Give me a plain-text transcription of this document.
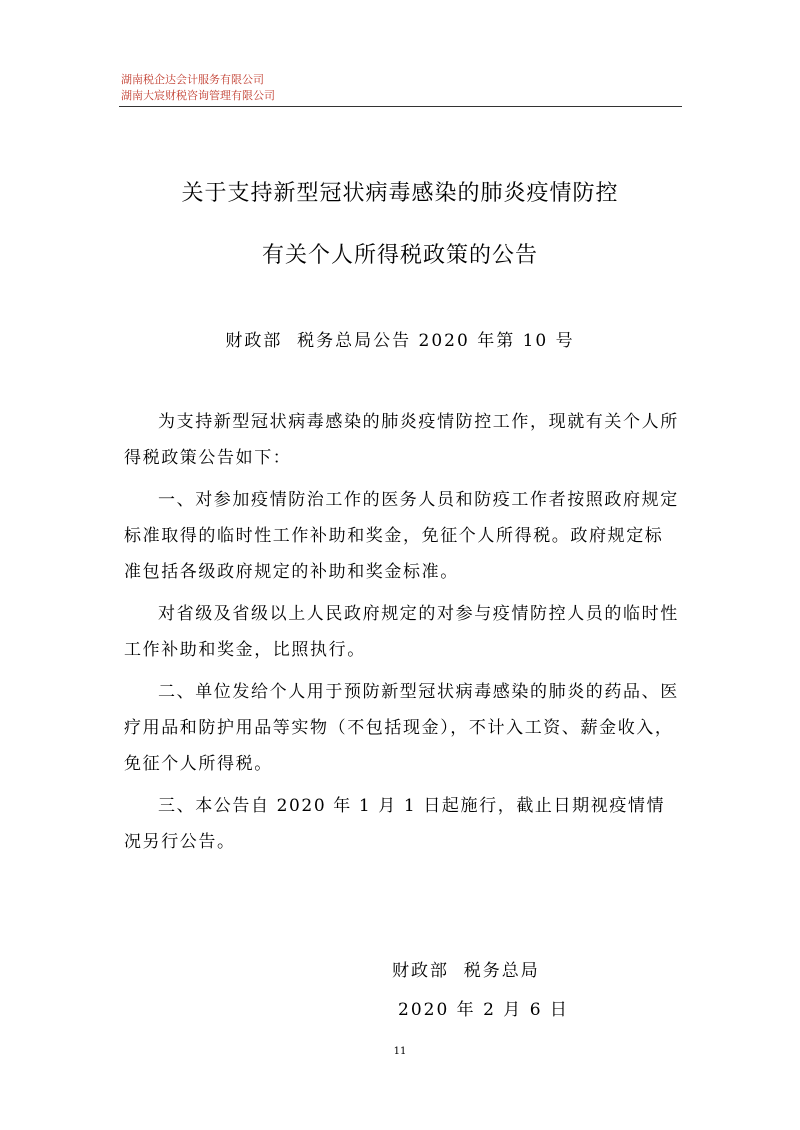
湖南税企达会计服务有限公司
湖南大宸财税咨询管理有限公司
关于支持新型冠状病毒感染的肺炎疫情防控
有关个人所得税政策的公告
财政部  税务总局公告 2020 年第 10 号

为支持新型冠状病毒感染的肺炎疫情防控工作，现就有关个人所得税政策公告如下：

一、对参加疫情防治工作的医务人员和防疫工作者按照政府规定标准取得的临时性工作补助和奖金，免征个人所得税。政府规定标准包括各级政府规定的补助和奖金标准。

对省级及省级以上人民政府规定的对参与疫情防控人员的临时性工作补助和奖金，比照执行。

二、单位发给个人用于预防新型冠状病毒感染的肺炎的药品、医疗用品和防护用品等实物（不包括现金），不计入工资、薪金收入，免征个人所得税。

三、本公告自 2020 年 1 月 1 日起施行，截止日期视疫情情况另行公告。

财政部  税务总局
2020 年 2 月 6 日
11
